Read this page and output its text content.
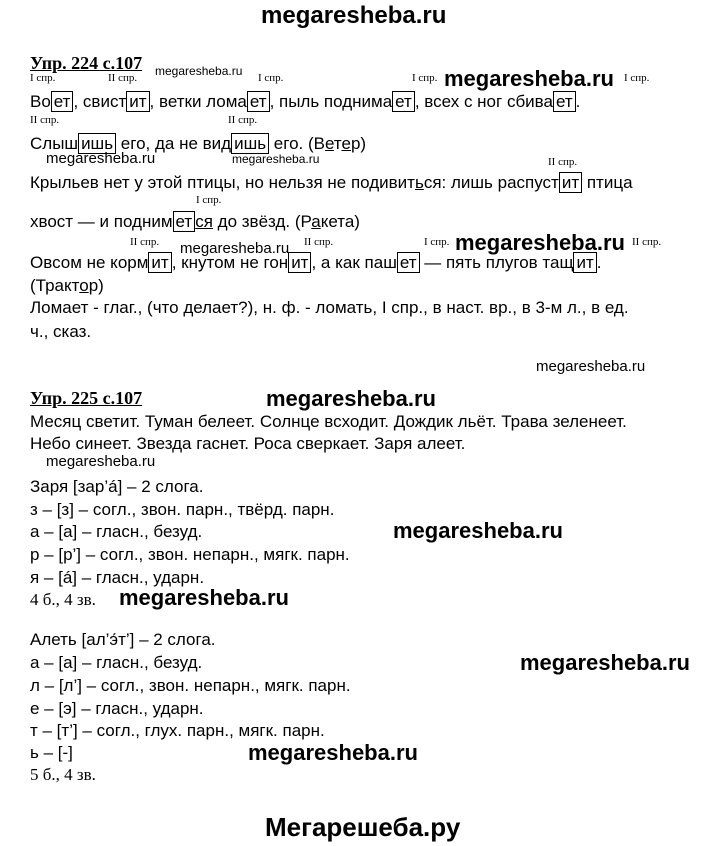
megaresheba.ru
Упр. 224 с.107 megaresheba.ru
I спр.	II спр.	I спр.	I спр. megaresheba.ru I спр.
Во ет , свист ит , ветки лома ет , пыль поднима ет , всех с ног сбива ет .
II спр.	II спр.
Слыш ишь его, да не вид ишь его. (Ветер)
megaresheba.ru	megaresheba.ru	II спр.
Крыльев нет у этой птицы, но нельзя не подивиться: лишь распуст ит птица
I спр.
хвост — и подним ет ся до звёзд. (Ракета)
II спр. megaresheba.ru II спр.	I спр. megaresheba.ru II спр.
Овсом не корм ит , кнутом не гон ит , а как паш ет — пять плугов тащ ит .
(Трактор)
Ломает - глаг., (что делает?), н. ф. - ломать, I спр., в наст. вр., в 3-м л., в ед.
ч., сказ.
megaresheba.ru
Упр. 225 с.107	megaresheba.ru
Месяц светит. Туман белеет. Солнце всходит. Дождик льёт. Трава зеленеет.
Небо синеет. Звезда гаснет. Роса сверкает. Заря алеет.
megaresheba.ru
Заря [зар’á] – 2 слога.
з – [з] – согл., звон. парн., твёрд. парн.
а – [а] – гласн., безуд.	megaresheba.ru
р – [р’] – согл., звон. непарн., мягк. парн.
я – [á] – гласн., ударн.
4 б., 4 зв. megaresheba.ru
Алеть [ал’э́т’] – 2 слога.
а – [а] – гласн., безуд.	megaresheba.ru
л – [л’] – согл., звон. непарн., мягк. парн.
е – [э] – гласн., ударн.
т – [т’] – согл., глух. парн., мягк. парн.
ь – [-]	megaresheba.ru
5 б., 4 зв.
Мегарешеба.ру
